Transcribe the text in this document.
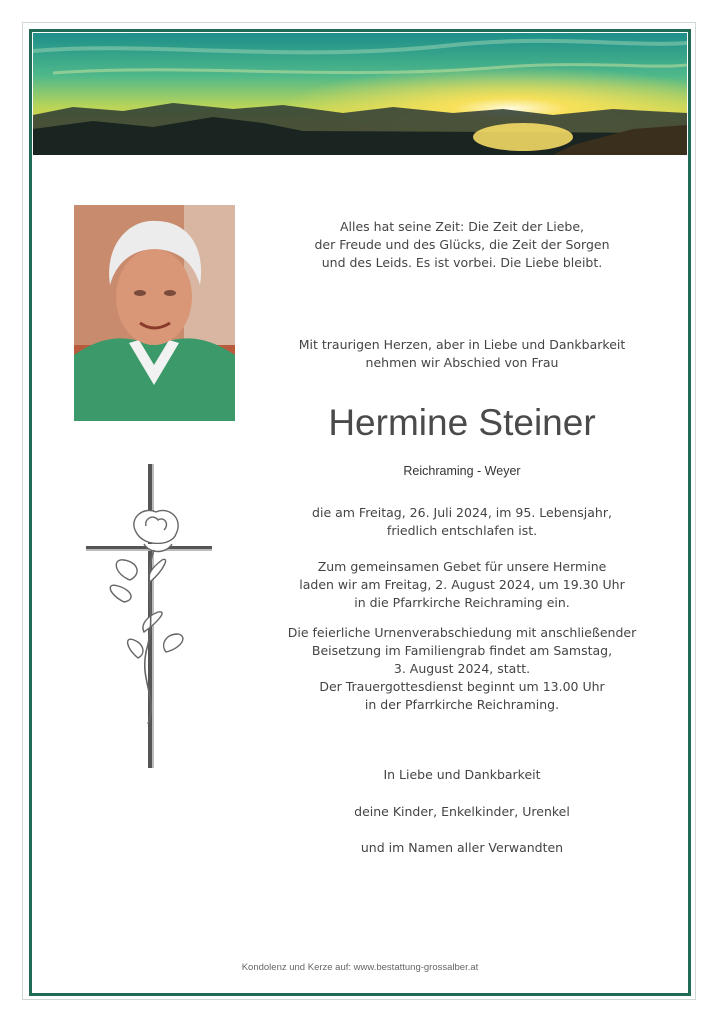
Alles hat seine Zeit: Die Zeit der Liebe,
der Freude und des Glücks, die Zeit der Sorgen
und des Leids. Es ist vorbei. Die Liebe bleibt.
Mit traurigen Herzen, aber in Liebe und Dankbarkeit
nehmen wir Abschied von Frau
Hermine Steiner
Reichraming - Weyer

die am Freitag, 26. Juli 2024, im 95. Lebensjahr,

friedlich entschlafen ist.

Zum gemeinsamen Gebet für unsere Hermine

laden wir am Freitag, 2. August 2024, um 19.30 Uhr

in die Pfarrkirche Reichraming ein.

Die feierliche Urnenverabschiedung mit anschließender

Beisetzung im Familiengrab findet am Samstag,

3. August 2024, statt.

Der Trauergottesdienst beginnt um 13.00 Uhr

in der Pfarrkirche Reichraming.

In Liebe und Dankbarkeit
deine Kinder, Enkelkinder, Urenkel
und im Namen aller Verwandten
Kondolenz und Kerze auf: www.bestattung-grossalber.at
